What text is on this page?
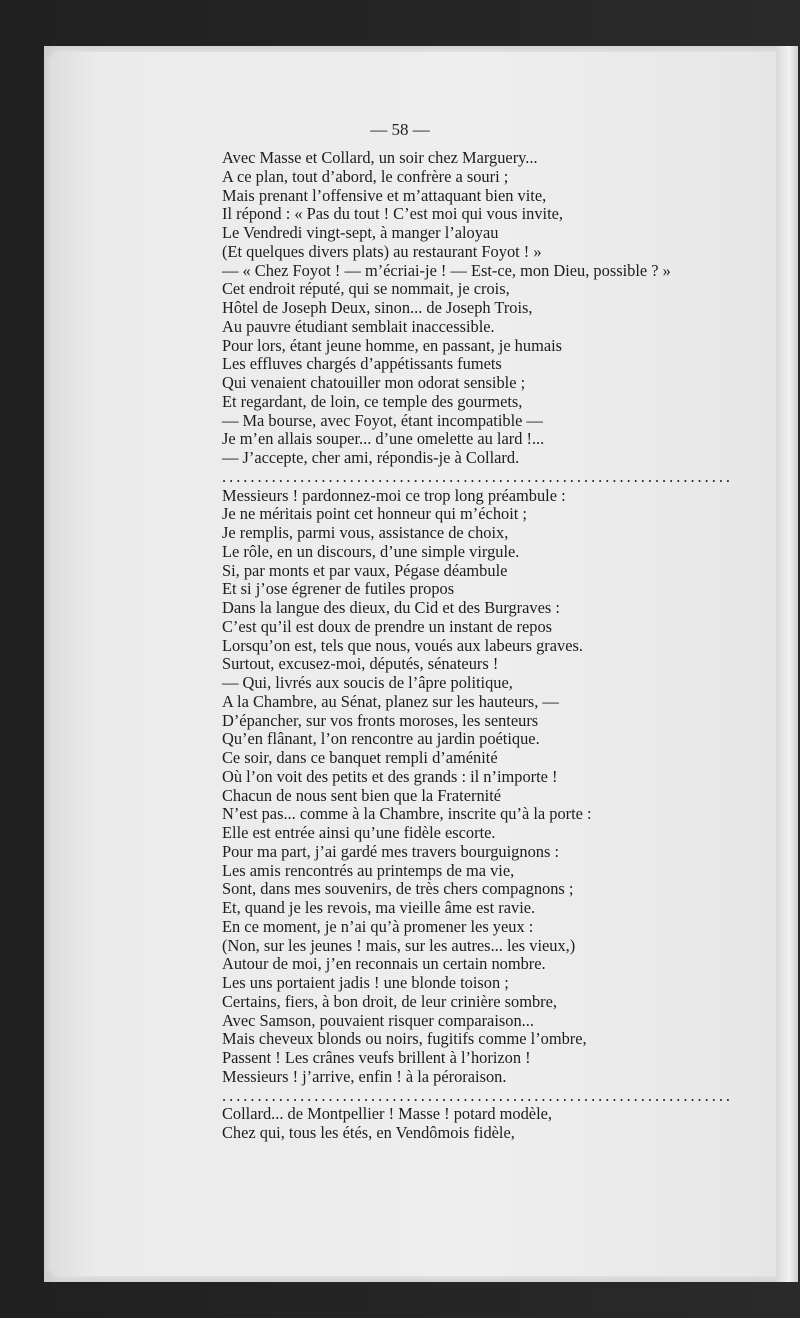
— 58 —
Avec Masse et Collard, un soir chez Marguery...
A ce plan, tout d’abord, le confrère a souri ;
Mais prenant l’offensive et m’attaquant bien vite,
Il répond : « Pas du tout ! C’est moi qui vous invite,
Le Vendredi vingt-sept, à manger l’aloyau
(Et quelques divers plats) au restaurant Foyot ! »
— « Chez Foyot ! — m’écriai-je ! — Est-ce, mon Dieu, possible ? »
Cet endroit réputé, qui se nommait, je crois,
Hôtel de Joseph Deux, sinon... de Joseph Trois,
Au pauvre étudiant semblait inaccessible.
Pour lors, étant jeune homme, en passant, je humais
Les effluves chargés d’appétissants fumets
Qui venaient chatouiller mon odorat sensible ;
Et regardant, de loin, ce temple des gourmets,
— Ma bourse, avec Foyot, étant incompatible —
Je m’en allais souper... d’une omelette au lard !...
— J’accepte, cher ami, répondis-je à Collard.
........................................................................
Messieurs ! pardonnez-moi ce trop long préambule :
Je ne méritais point cet honneur qui m’échoit ;
Je remplis, parmi vous, assistance de choix,
Le rôle, en un discours, d’une simple virgule.
Si, par monts et par vaux, Pégase déambule
Et si j’ose égrener de futiles propos
Dans la langue des dieux, du Cid et des Burgraves :
C’est qu’il est doux de prendre un instant de repos
Lorsqu’on est, tels que nous, voués aux labeurs graves.
Surtout, excusez-moi, députés, sénateurs !
— Qui, livrés aux soucis de l’âpre politique,
A la Chambre, au Sénat, planez sur les hauteurs, —
D’épancher, sur vos fronts moroses, les senteurs
Qu’en flânant, l’on rencontre au jardin poétique.
Ce soir, dans ce banquet rempli d’aménité
Où l’on voit des petits et des grands : il n’importe !
Chacun de nous sent bien que la Fraternité
N’est pas... comme à la Chambre, inscrite qu’à la porte :
Elle est entrée ainsi qu’une fidèle escorte.
Pour ma part, j’ai gardé mes travers bourguignons :
Les amis rencontrés au printemps de ma vie,
Sont, dans mes souvenirs, de très chers compagnons ;
Et, quand je les revois, ma vieille âme est ravie.
En ce moment, je n’ai qu’à promener les yeux :
(Non, sur les jeunes ! mais, sur les autres... les vieux,)
Autour de moi, j’en reconnais un certain nombre.
Les uns portaient jadis ! une blonde toison ;
Certains, fiers, à bon droit, de leur crinière sombre,
Avec Samson, pouvaient risquer comparaison...
Mais cheveux blonds ou noirs, fugitifs comme l’ombre,
Passent ! Les crânes veufs brillent à l’horizon !
Messieurs ! j’arrive, enfin ! à la péroraison.
........................................................................
Collard... de Montpellier ! Masse ! potard modèle,
Chez qui, tous les étés, en Vendômois fidèle,
